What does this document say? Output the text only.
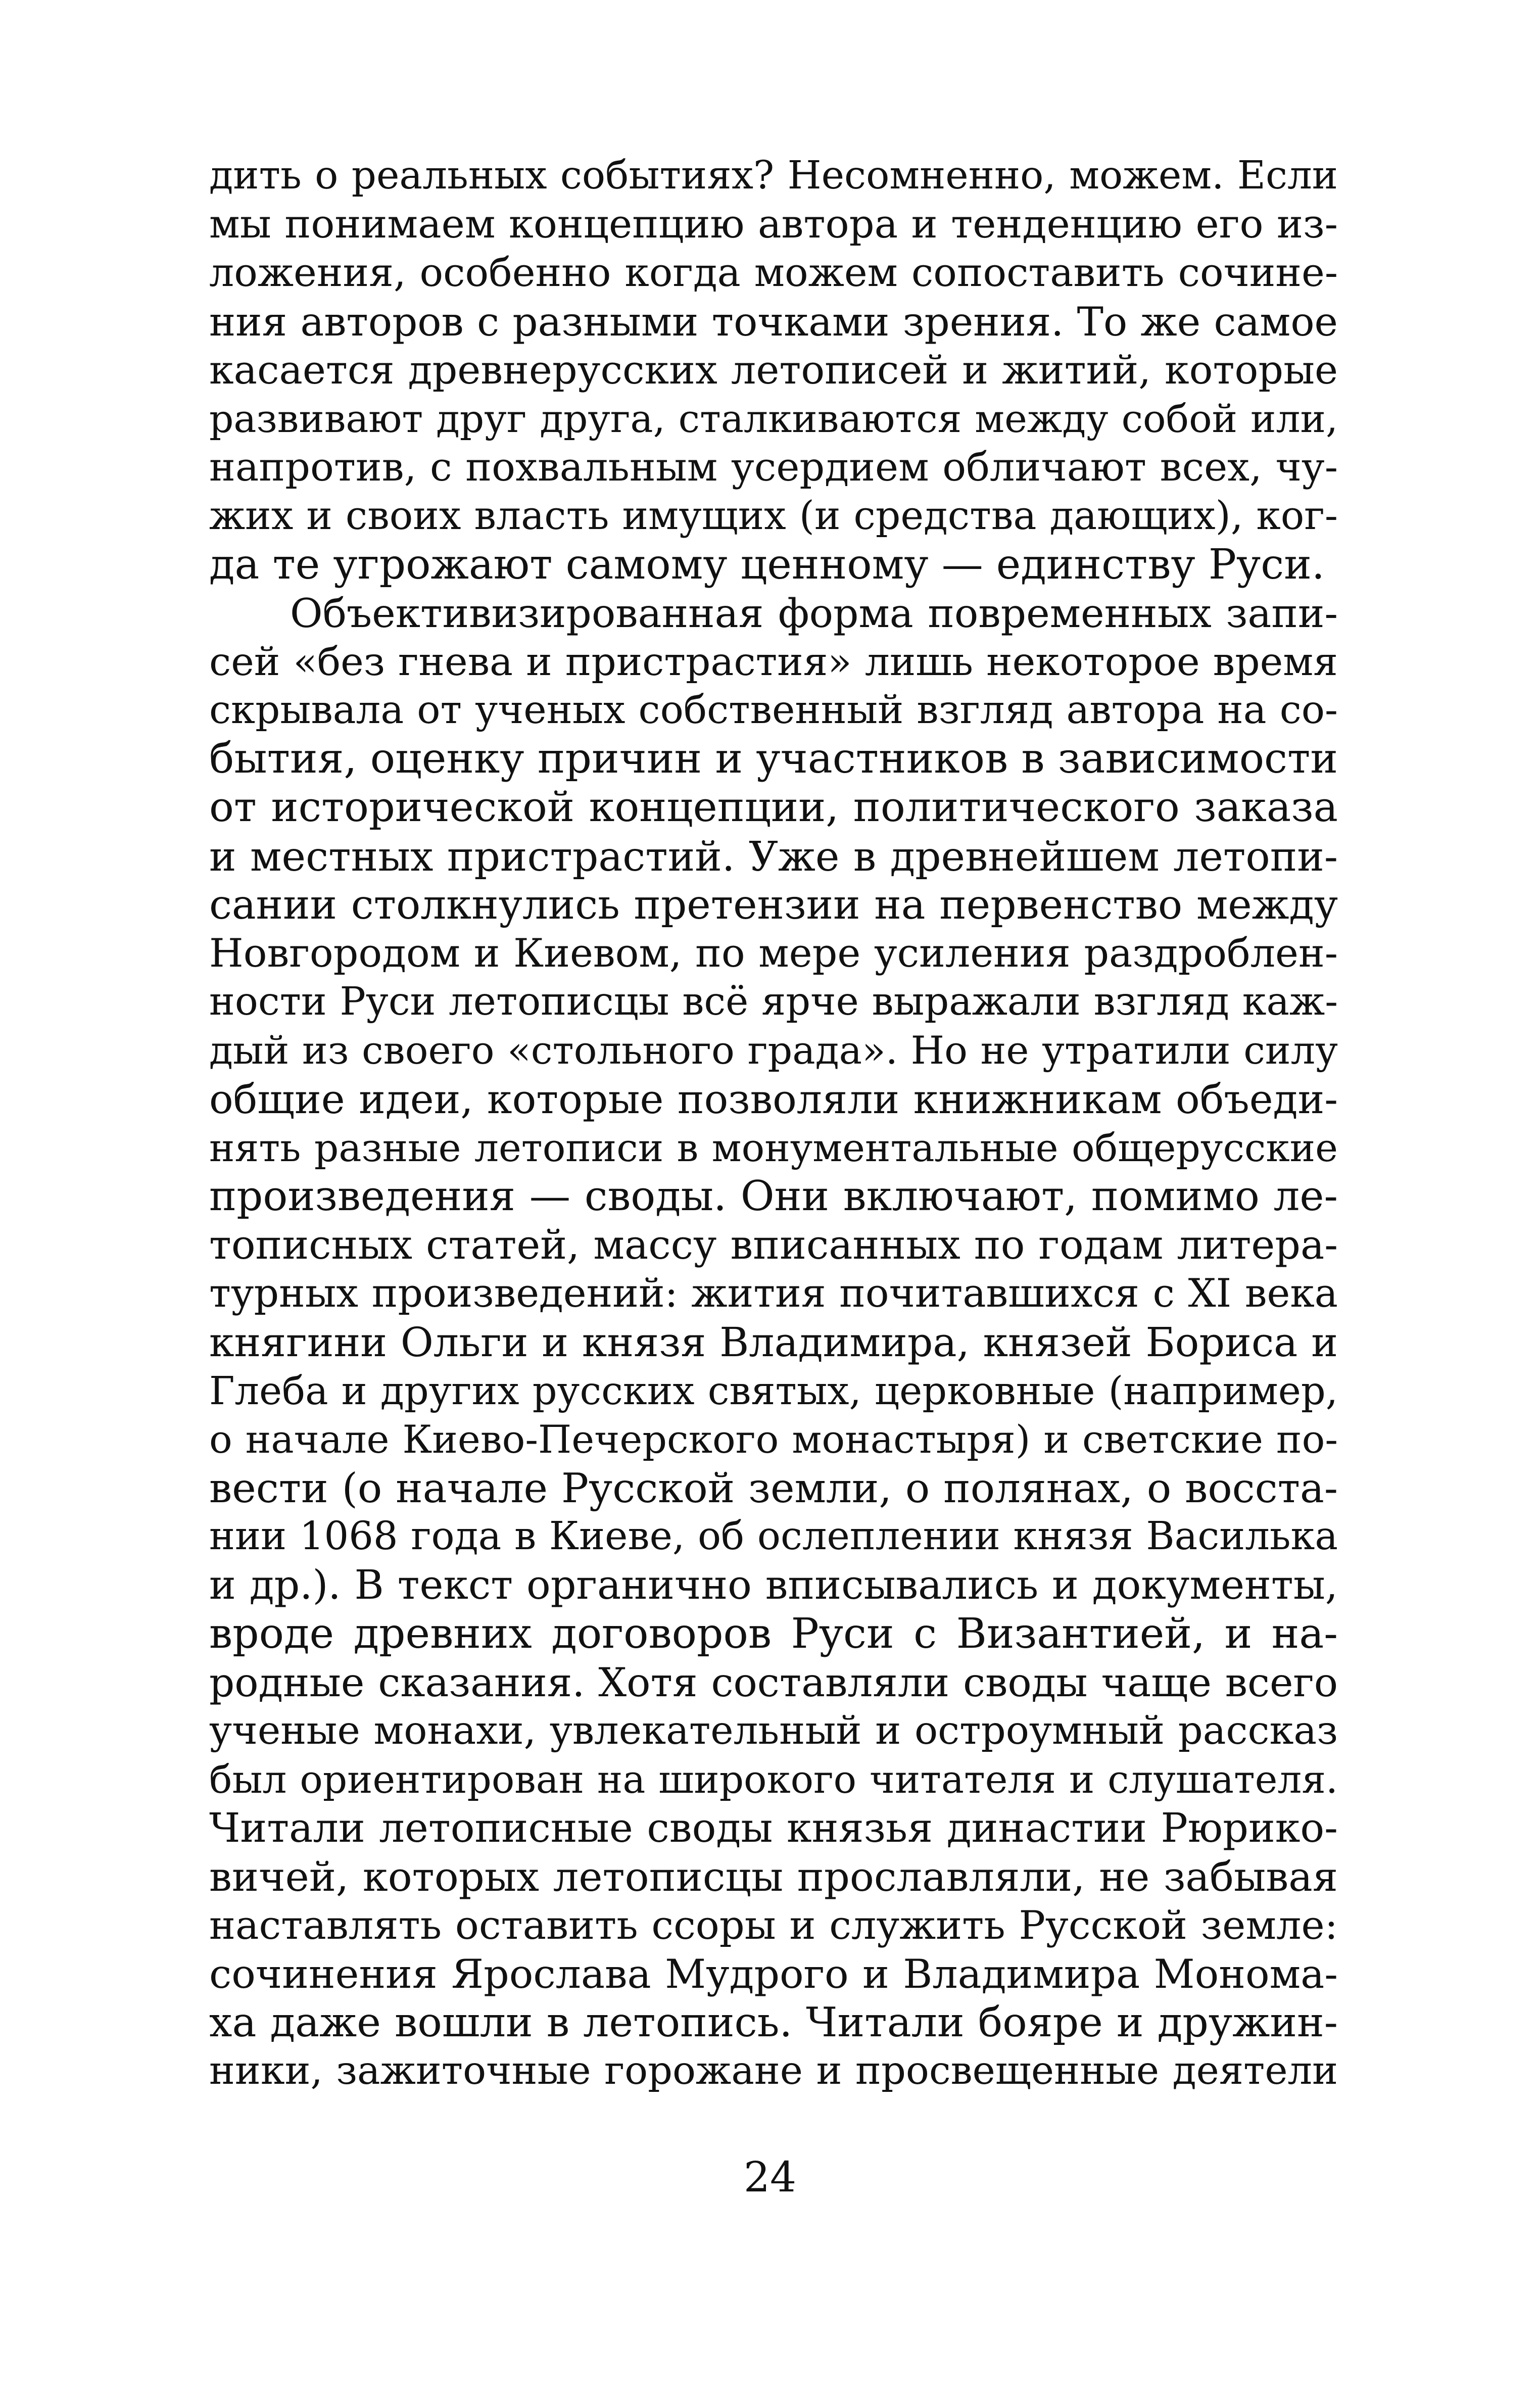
дить о реальных событиях? Несомненно, можем. Если
мы понимаем концепцию автора и тенденцию его из-
ложения, особенно когда можем сопоставить сочине-
ния авторов с разными точками зрения. То же самое
касается древнерусских летописей и житий, которые
развивают друг друга, сталкиваются между собой или,
напротив, с похвальным усердием обличают всех, чу-
жих и своих власть имущих (и средства дающих), ког-
да те угрожают самому ценному — единству Руси.
Объективизированная форма повременных запи-
сей «без гнева и пристрастия» лишь некоторое время
скрывала от ученых собственный взгляд автора на со-
бытия, оценку причин и участников в зависимости
от исторической концепции, политического заказа
и местных пристрастий. Уже в древнейшем летопи-
сании столкнулись претензии на первенство между
Новгородом и Киевом, по мере усиления раздроблен-
ности Руси летописцы всё ярче выражали взгляд каж-
дый из своего «стольного града». Но не утратили силу
общие идеи, которые позволяли книжникам объеди-
нять разные летописи в монументальные общерусские
произведения — своды. Они включают, помимо ле-
тописных статей, массу вписанных по годам литера-
турных произведений: жития почитавшихся с XI века
княгини Ольги и князя Владимира, князей Бориса и
Глеба и других русских святых, церковные (например,
о начале Киево-Печерского монастыря) и светские по-
вести (о начале Русской земли, о полянах, о восста-
нии 1068 года в Киеве, об ослеплении князя Василька
и др.). В текст органично вписывались и документы,
вроде древних договоров Руси с Византией, и на-
родные сказания. Хотя составляли своды чаще всего
ученые монахи, увлекательный и остроумный рассказ
был ориентирован на широкого читателя и слушателя.
Читали летописные своды князья династии Рюрико-
вичей, которых летописцы прославляли, не забывая
наставлять оставить ссоры и служить Русской земле:
сочинения Ярослава Мудрого и Владимира Монома-
ха даже вошли в летопись. Читали бояре и дружин-
ники, зажиточные горожане и просвещенные деятели
24
